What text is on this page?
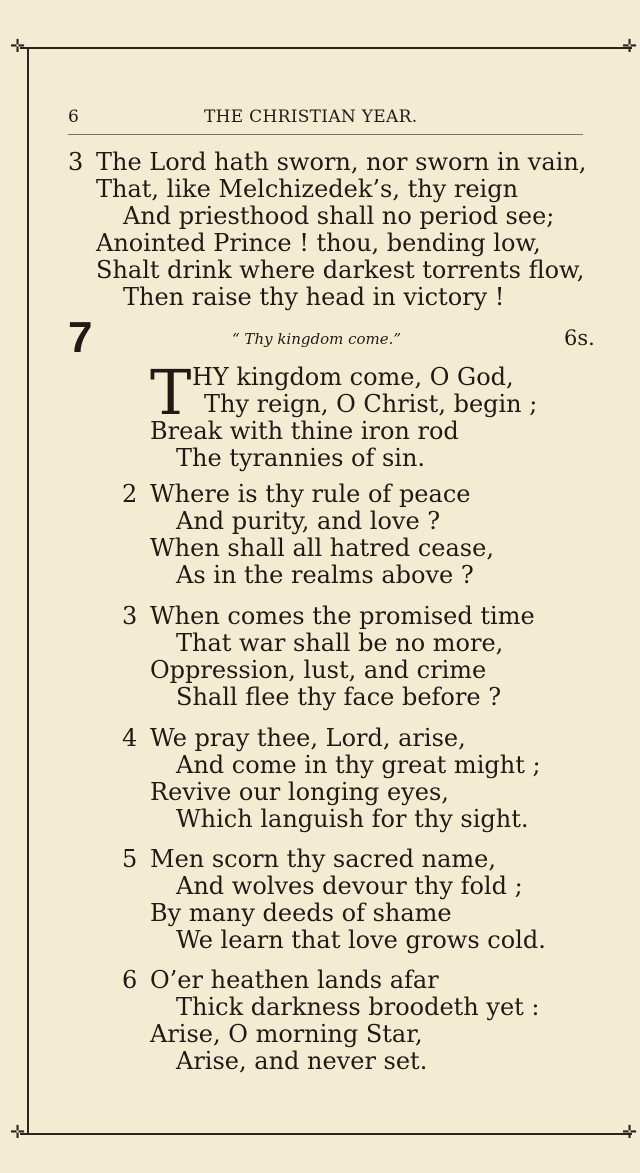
✛	✛
✛	✛
6	THE CHRISTIAN YEAR.
3 The Lord hath sworn, nor sworn in vain,
That, like Melchizedek’s, thy reign
And priesthood shall no period see;
Anointed Prince ! thou, bending low,
Shalt drink where darkest torrents flow,
Then raise thy head in victory !
7	“ Thy kingdom come.”	6s.
T HY kingdom come, O God,
Thy reign, O Christ, begin ;
Break with thine iron rod
The tyrannies of sin.
2 Where is thy rule of peace
And purity, and love ?
When shall all hatred cease,
As in the realms above ?
3 When comes the promised time
That war shall be no more,
Oppression, lust, and crime
Shall flee thy face before ?
4 We pray thee, Lord, arise,
And come in thy great might ;
Revive our longing eyes,
Which languish for thy sight.
5 Men scorn thy sacred name,
And wolves devour thy fold ;
By many deeds of shame
We learn that love grows cold.
6 O’er heathen lands afar
Thick darkness broodeth yet :
Arise, O morning Star,
Arise, and never set.
